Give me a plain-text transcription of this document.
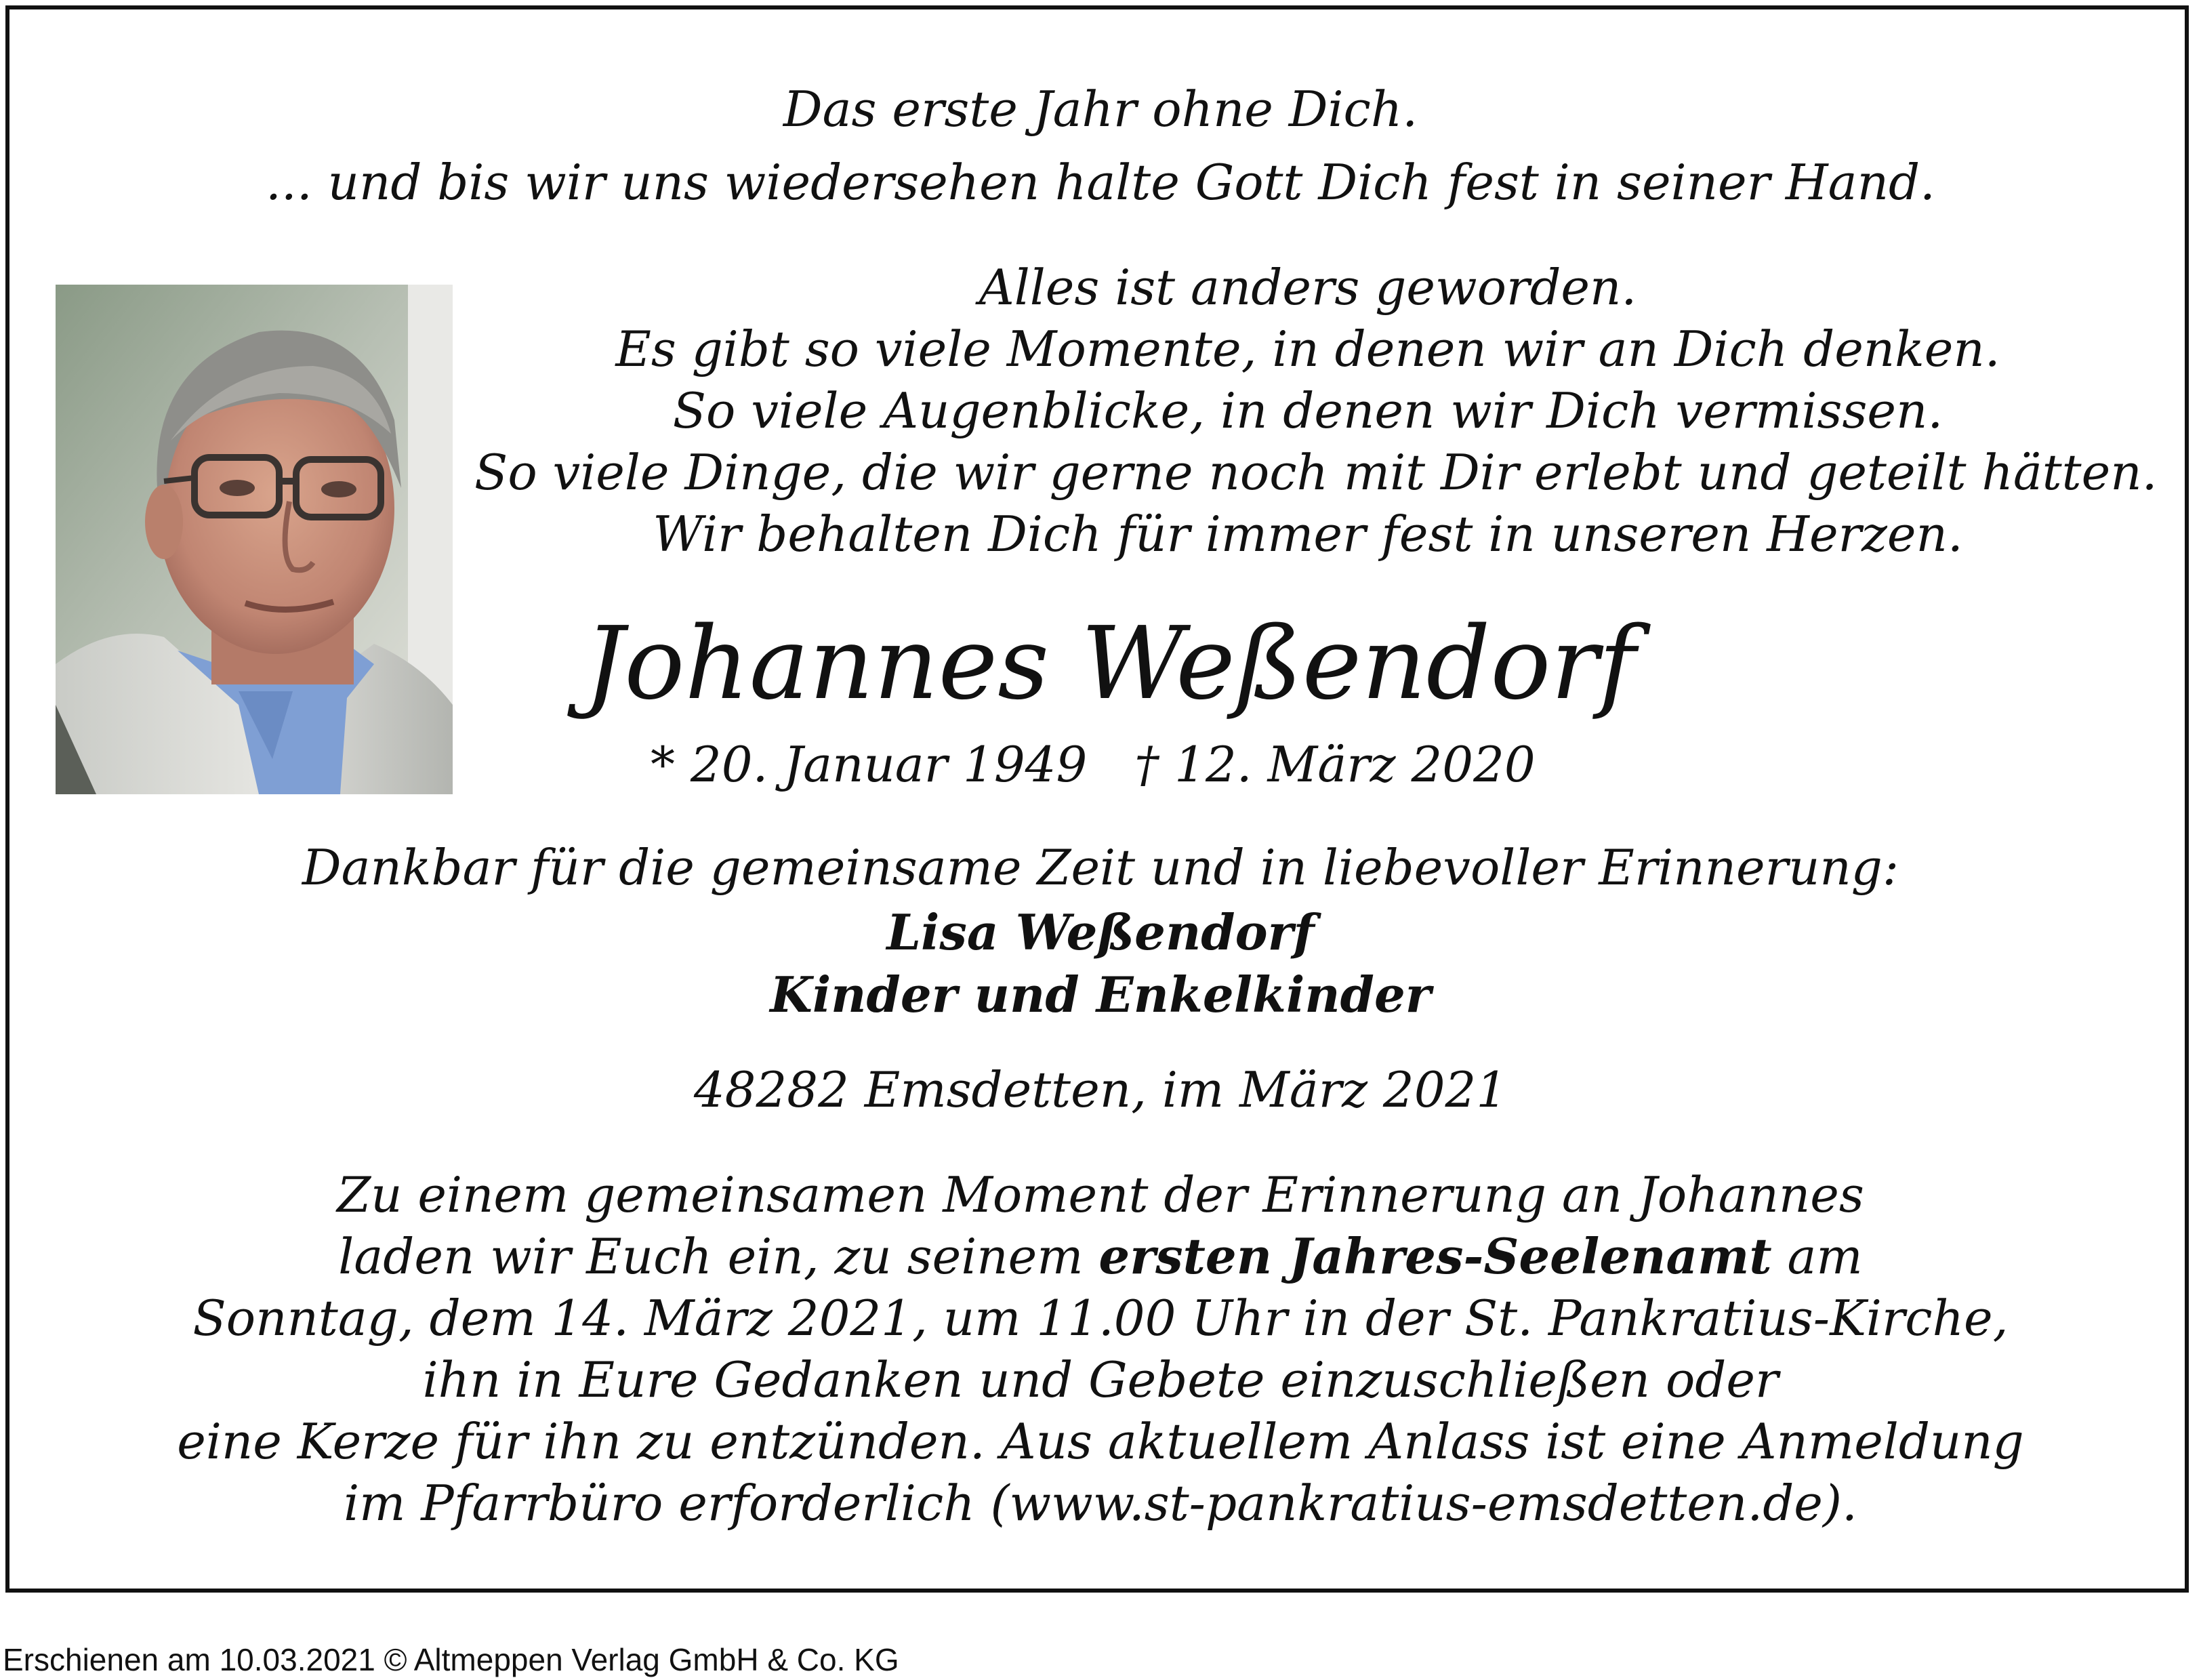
Das erste Jahr ohne Dich.
... und bis wir uns wiedersehen halte Gott Dich fest in seiner Hand.
Alles ist anders geworden.
Es gibt so viele Momente, in denen wir an Dich denken.
So viele Augenblicke, in denen wir Dich vermissen.
So viele Dinge, die wir gerne noch mit Dir erlebt und geteilt hätten.
Wir behalten Dich für immer fest in unseren Herzen.
Johannes Weßendorf
* 20. Januar 1949 † 12. März 2020
Dankbar für die gemeinsame Zeit und in liebevoller Erinnerung:
Lisa Weßendorf
Kinder und Enkelkinder
48282 Emsdetten, im März 2021
Zu einem gemeinsamen Moment der Erinnerung an Johannes
laden wir Euch ein, zu seinem ersten Jahres-Seelenamt am
Sonntag, dem 14. März 2021, um 11.00 Uhr in der St. Pankratius-Kirche,
ihn in Eure Gedanken und Gebete einzuschließen oder
eine Kerze für ihn zu entzünden. Aus aktuellem Anlass ist eine Anmeldung
im Pfarrbüro erforderlich (www.st-pankratius-emsdetten.de).
Erschienen am 10.03.2021 © Altmeppen Verlag GmbH & Co. KG
